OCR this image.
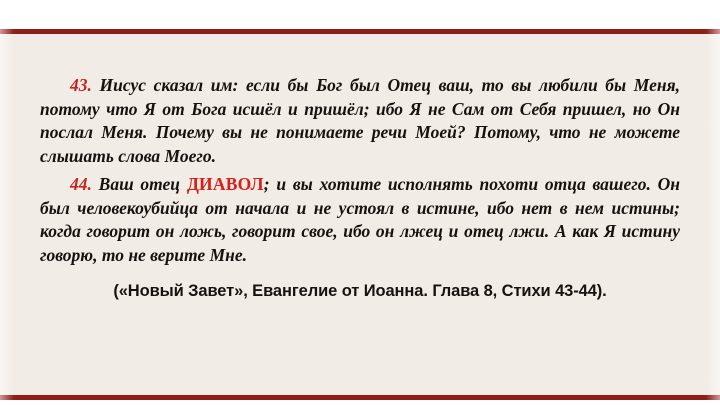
43. Иисус сказал им: если бы Бог был Отец ваш, то вы любили бы Меня, потому что Я от Бога исшёл и пришёл; ибо Я не Сам от Себя пришел, но Он послал Меня. Почему вы не понимаете речи Моей? Потому, что не можете слышать слова Моего.

44. Ваш отец ДИАВОЛ; и вы хотите исполнять похоти отца вашего. Он был человекоубийца от начала и не устоял в истине, ибо нет в нем истины; когда говорит он ложь, говорит свое, ибо он лжец и отец лжи. А как Я истину говорю, то не верите Мне.

(«Новый Завет», Евангелие от Иоанна. Глава 8, Стихи 43-44).
